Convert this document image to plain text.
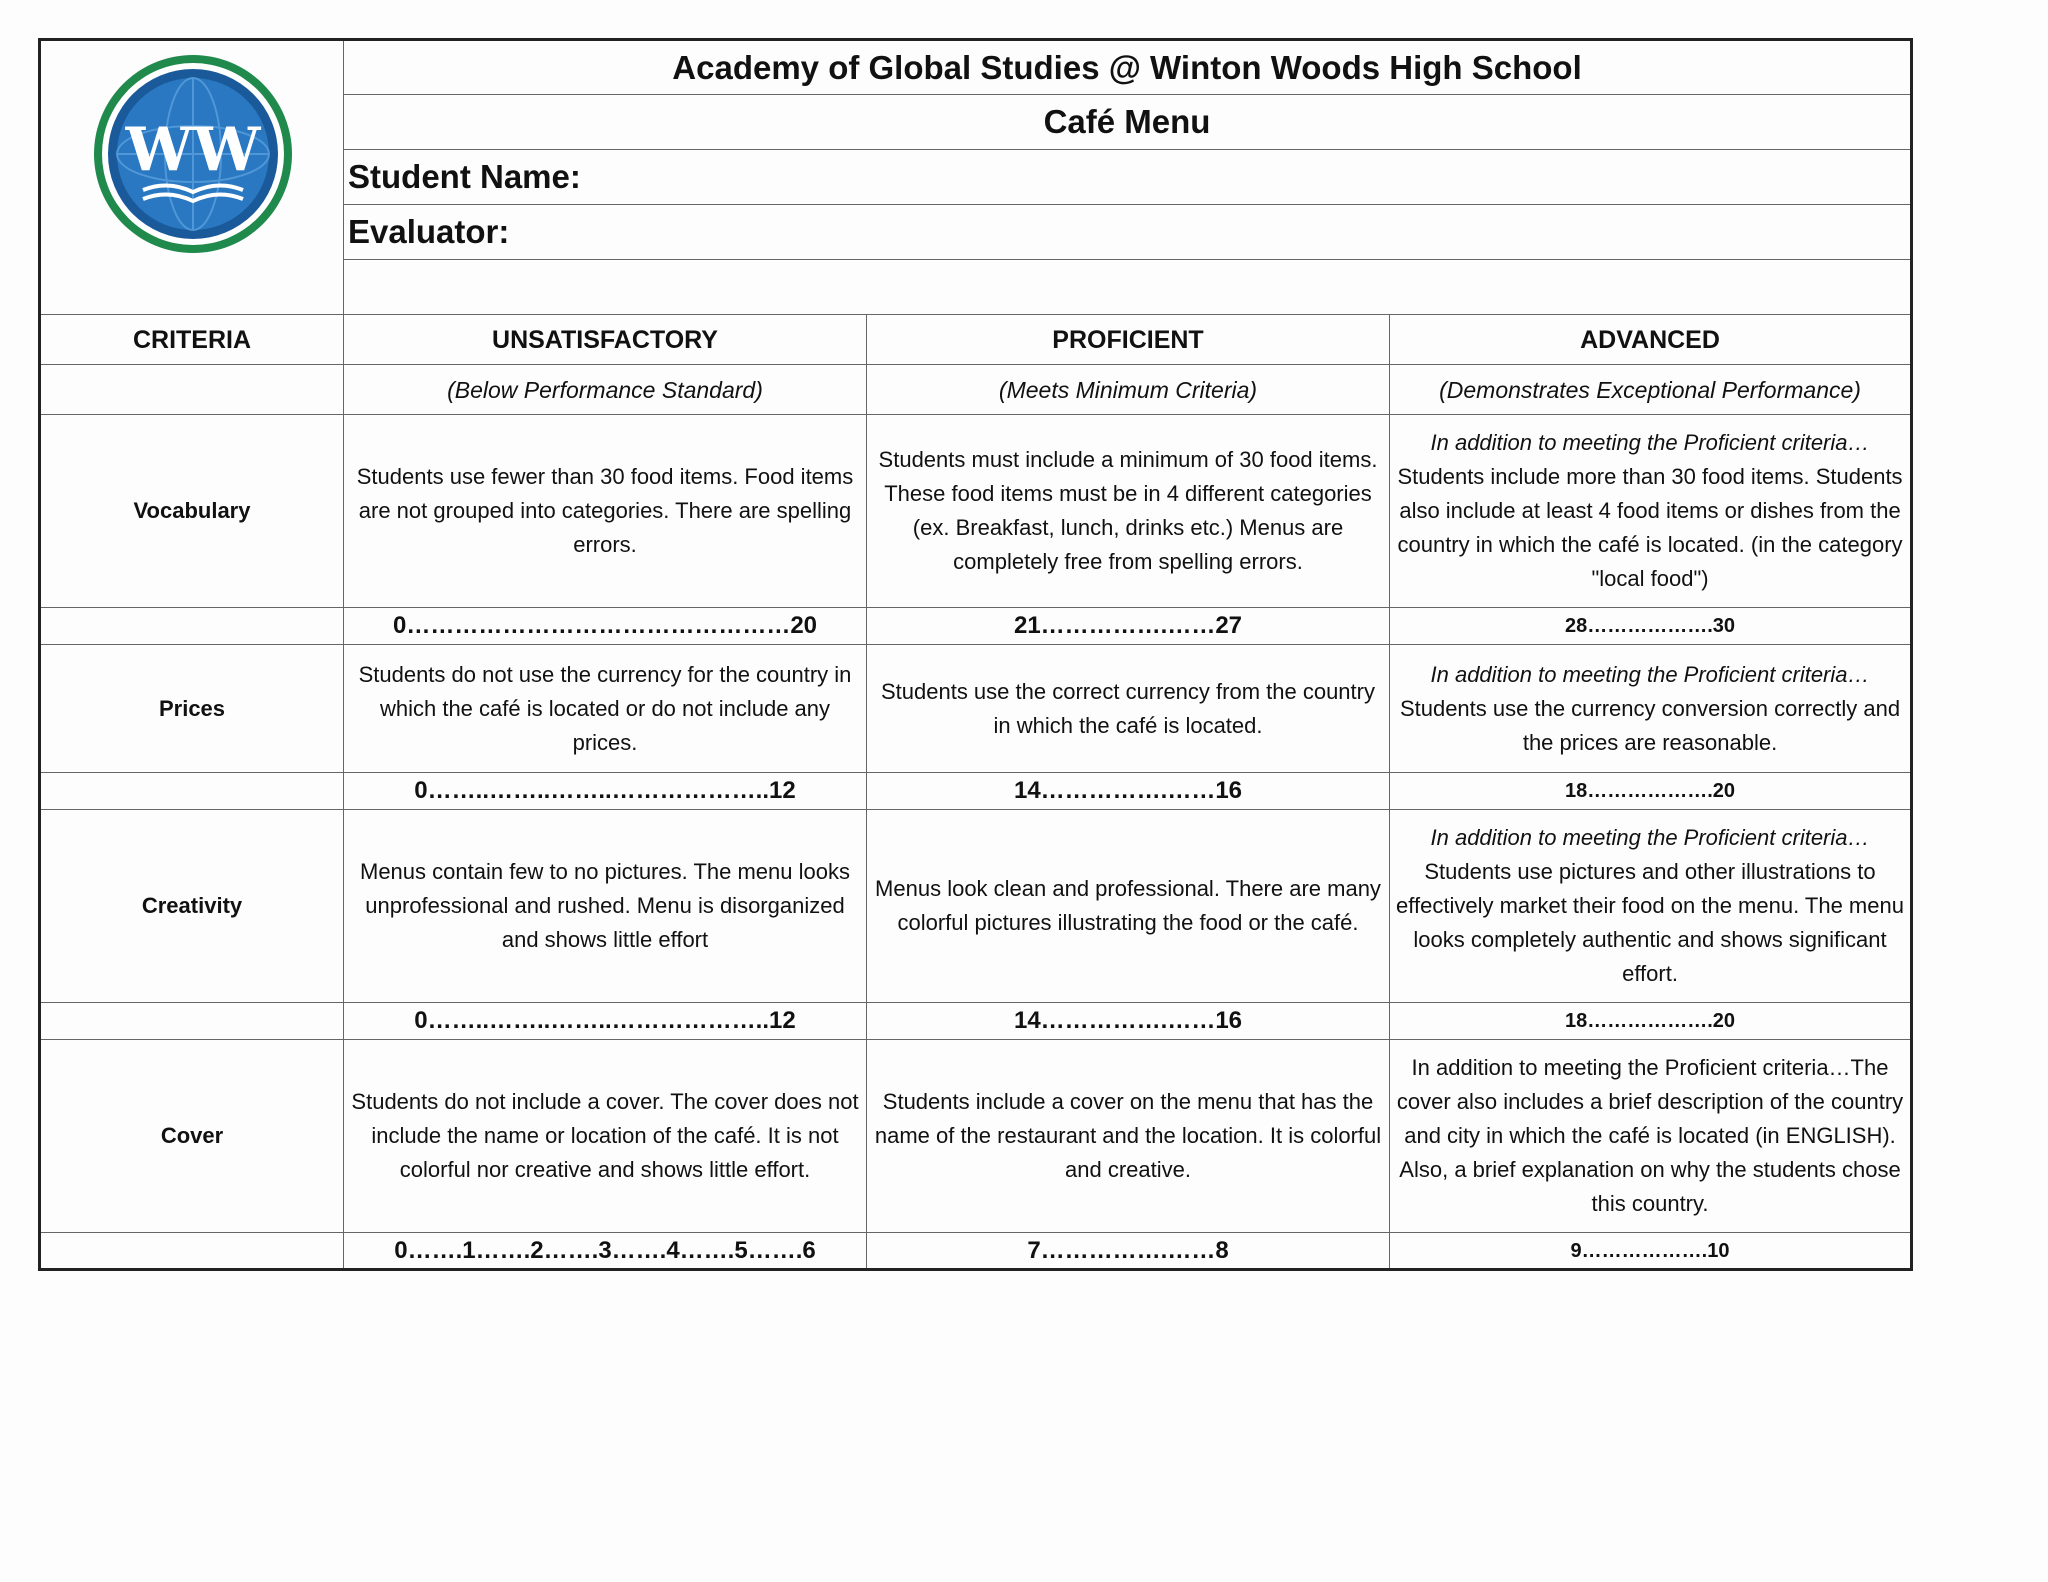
WW	Academy of Global Studies @ Winton Woods High School		
	Café Menu		
	Student Name:		
	Evaluator:		

CRITERIA	UNSATISFACTORY	PROFICIENT	ADVANCED
	(Below Performance Standard)	(Meets Minimum Criteria)	(Demonstrates Exceptional Performance)
Vocabulary	Students use fewer than 30 food items. Food items are not grouped into categories. There are spelling errors.	Students must include a minimum of 30 food items. These food items must be in 4 different categories (ex. Breakfast, lunch, drinks etc.) Menus are completely free from spelling errors.	In addition to meeting the Proficient criteria… Students include more than 30 food items. Students also include at least 4 food items or dishes from the country in which the café is located. (in the category "local food")
	0…………………………………………20	21…………….……27	28……………….30
Prices	Students do not use the currency for the country in which the café is located or do not include any prices.	Students use the correct currency from the country in which the café is located.	In addition to meeting the Proficient criteria… Students use the currency conversion correctly and the prices are reasonable.
	0……..……..……..………………..12	14…………….……16	18……………….20
Creativity	Menus contain few to no pictures. The menu looks unprofessional and rushed. Menu is disorganized and shows little effort	Menus look clean and professional. There are many colorful pictures illustrating the food or the café.	In addition to meeting the Proficient criteria… Students use pictures and other illustrations to effectively market their food on the menu. The menu looks completely authentic and shows significant effort.
	0……..……..……..………………..12	14…………….……16	18……………….20
Cover	Students do not include a cover. The cover does not include the name or location of the café. It is not colorful nor creative and shows little effort.	Students include a cover on the menu that has the name of the restaurant and the location. It is colorful and creative.	In addition to meeting the Proficient criteria…The cover also includes a brief description of the country and city in which the café is located (in ENGLISH). Also, a brief explanation on why the students chose this country.
	0…….1…….2…….3…….4…….5…….6	7…………….……8	9……………….10
